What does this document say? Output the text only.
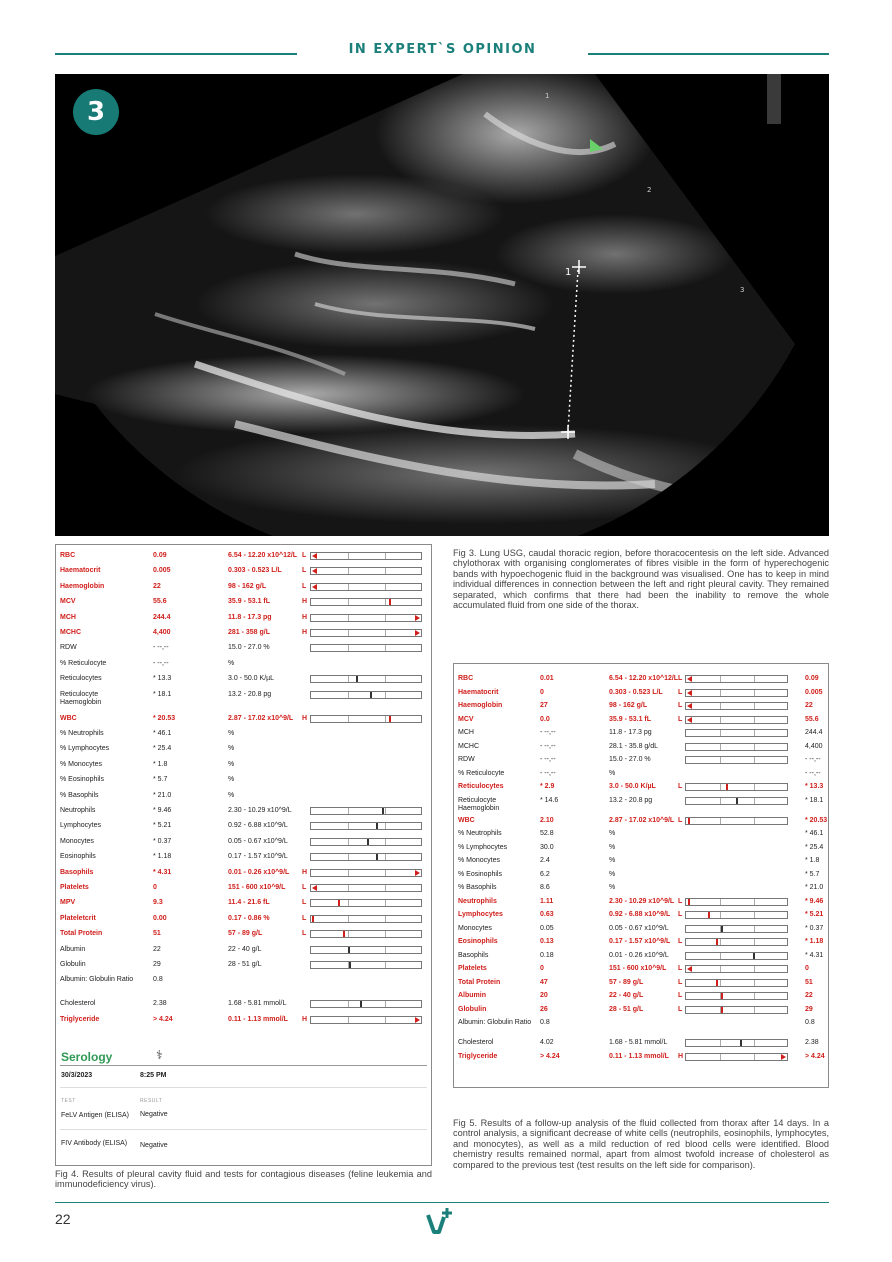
IN EXPERT`S OPINION
1
2
3
1
3
RBC	0.09	6.54 - 12.20 x10^12/L L
Haematocrit	0.005	0.303 - 0.523 L/L	L
Haemoglobin	22	98 - 162 g/L	L
MCV	55.6	35.9 - 53.1 fL	H
MCH	244.4	11.8 - 17.3 pg	H
MCHC	4,400	281 - 358 g/L	H
RDW	- --,--	15.0 - 27.0 %
% Reticulocyte	- --,--	%
Reticulocytes	* 13.3	3.0 - 50.0 K/µL
Reticulocyte Haemoglobin
* 18.1	13.2 - 20.8 pg
WBC	* 20.53	2.87 - 17.02 x10^9/L H
% Neutrophils	* 46.1	%
% Lymphocytes	* 25.4	%
% Monocytes	* 1.8	%
% Eosinophils	* 5.7	%
% Basophils	* 21.0	%
Neutrophils	* 9.46	2.30 - 10.29 x10^9/L
Lymphocytes	* 5.21	0.92 - 6.88 x10^9/L
Monocytes	* 0.37	0.05 - 0.67 x10^9/L
Eosinophils	* 1.18	0.17 - 1.57 x10^9/L
Basophils	* 4.31	0.01 - 0.26 x10^9/L H
Platelets	0	151 - 600 x10^9/L L
MPV	9.3	11.4 - 21.6 fL	L
Plateletcrit	0.00	0.17 - 0.86 %	L
Total Protein	51	57 - 89 g/L	L
Albumin	22	22 - 40 g/L
Globulin	29	28 - 51 g/L
Albumin: Globulin Ratio	0.8
Cholesterol	2.38	1.68 - 5.81 mmol/L
Triglyceride	> 4.24	0.11 - 1.13 mmol/L H
Serology	⚕
30/3/2023	8:25 PM
TEST	RESULT
FeLV Antigen (ELISA) Negative
FIV Antibody (ELISA)	Negative
Fig 4. Results of pleural cavity fluid and tests for contagious diseases (feline leukemia and immunodeficiency virus).
Fig 3. Lung USG, caudal thoracic region, before thoracocentesis on the left side. Advanced chylothorax with organising conglomerates of fibres visible in the form of hyperechogenic bands with hypoechogenic fluid in the background was visualised. One has to keep in mind individual differences in connection between the left and right pleural cavity. They remained separated, which confirms that there had been the inability to remove the whole accumulated fluid from one side of the thorax.
RBC	0.01	6.54 - 12.20 x10^12/L L	0.09
Haematocrit	0	0.303 - 0.523 L/L L	0.005
Haemoglobin	27	98 - 162 g/L	L	22
MCV	0.0	35.9 - 53.1 fL	L	55.6
MCH	- --,--	11.8 - 17.3 pg	244.4
MCHC	- --,--	28.1 - 35.8 g/dL	4,400
RDW	- --,--	15.0 - 27.0 %	- --,--
% Reticulocyte	- --,--	%	- --,--
Reticulocytes	* 2.9	3.0 - 50.0 K/µL	L	* 13.3
Reticulocyte Haemoglobin
* 14.6	13.2 - 20.8 pg	* 18.1
WBC	2.10	2.87 - 17.02 x10^9/L L	* 20.53
% Neutrophils	52.8	%	* 46.1
% Lymphocytes	30.0	%	* 25.4
% Monocytes	2.4	%	* 1.8
% Eosinophils	6.2	%	* 5.7
% Basophils	8.6	%	* 21.0
Neutrophils	1.11	2.30 - 10.29 x10^9/L L	* 9.46
Lymphocytes	0.63	0.92 - 6.88 x10^9/L L	* 5.21
Monocytes	0.05	0.05 - 0.67 x10^9/L	* 0.37
Eosinophils	0.13	0.17 - 1.57 x10^9/L L	* 1.18
Basophils	0.18	0.01 - 0.26 x10^9/L	* 4.31
Platelets	0	151 - 600 x10^9/L L	0
Total Protein	47	57 - 89 g/L	L	51
Albumin	20	22 - 40 g/L	L	22
Globulin	26	28 - 51 g/L	L	29
Albumin: Globulin Ratio 0.8	0.8
Cholesterol	4.02	1.68 - 5.81 mmol/L	2.38
Triglyceride	> 4.24	0.11 - 1.13 mmol/L H	> 4.24
Fig 5. Results of a follow-up analysis of the fluid collected from thorax after 14 days. In a control analysis, a significant decrease of white cells (neutrophils, eosinophils, lymphocytes, and monocytes), as well as a mild reduction of red blood cells were identified. Blood chemistry results remained normal, apart from almost twofold increase of cholesterol as compared to the previous test (test results on the left side for comparison).
22
